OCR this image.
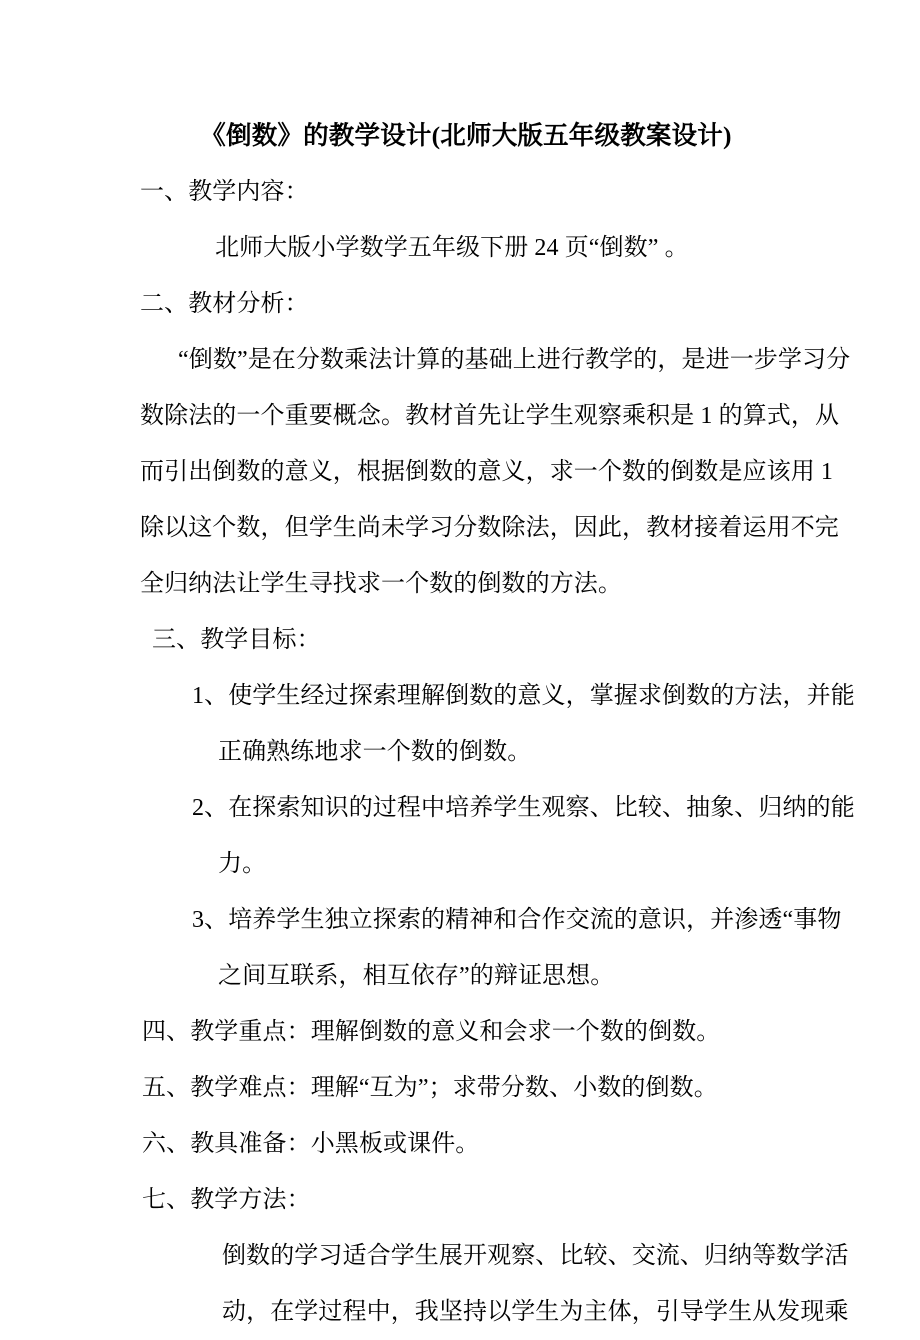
《倒数》的教学设计(北师大版五年级教案设计)
一、教学内容：
北师大版小学数学五年级下册 24 页“倒数” 。
二、教材分析：
“倒数”是在分数乘法计算的基础上进行教学的，是进一步学习分
数除法的一个重要概念。教材首先让学生观察乘积是 1 的算式，从
而引出倒数的意义，根据倒数的意义，求一个数的倒数是应该用 1
除以这个数，但学生尚未学习分数除法，因此，教材接着运用不完
全归纳法让学生寻找求一个数的倒数的方法。
三、教学目标：
1、使学生经过探索理解倒数的意义，掌握求倒数的方法，并能
正确熟练地求一个数的倒数。
2、在探索知识的过程中培养学生观察、比较、抽象、归纳的能
力。
3、培养学生独立探索的精神和合作交流的意识，并渗透“事物
之间互联系，相互依存”的辩证思想。
四、教学重点：理解倒数的意义和会求一个数的倒数。
五、教学难点：理解“互为”；求带分数、小数的倒数。
六、教具准备：小黑板或课件。
七、教学方法：
倒数的学习适合学生展开观察、比较、交流、归纳等数学活
动，在学过程中，我坚持以学生为主体，引导学生从发现乘
